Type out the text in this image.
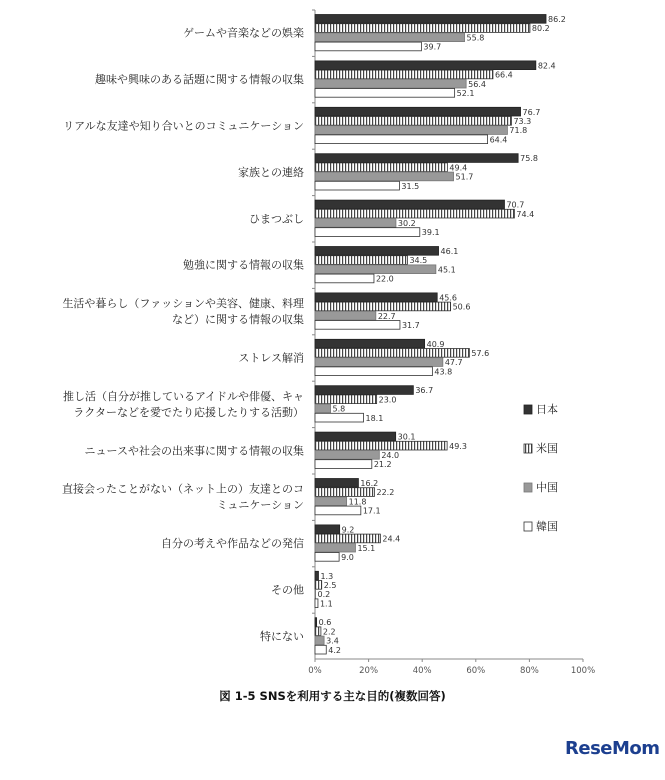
0%	20%	40%	60%	80%	100%
ゲームや音楽などの娯楽
趣味や興味のある話題に関する情報の収集
リアルな友達や知り合いとのコミュニケーション
家族との連絡
ひまつぶし
勉強に関する情報の収集
生活や暮らし（ファッションや美容、健康、料理
など）に関する情報の収集
ストレス解消
推し活（自分が推しているアイドルや俳優、キャ
ラクターなどを愛でたり応援したりする活動）
ニュースや社会の出来事に関する情報の収集
直接会ったことがない（ネット上の）友達とのコ
ミュニケーション
自分の考えや作品などの発信
その他
特にない
86.2
80.2
55.8
39.7
82.4
66.4
56.4
52.1
76.7
73.3
71.8
64.4
75.8
49.4
51.7
31.5
70.7
74.4
30.2
39.1
46.1
34.5
45.1
22.0
45.6
50.6
22.7
31.7
40.9
57.6
47.7
43.8
36.7
23.0
5.8
18.1
30.1
49.3
24.0
21.2
16.2
22.2
11.8
17.1
9.2
24.4
15.1
9.0
1.3
2.5
0.2
1.1
0.6
2.2
3.4
4.2
日本
米国
中国
韓国
図 1-5 SNSを利用する主な目的(複数回答)
ReseMom
